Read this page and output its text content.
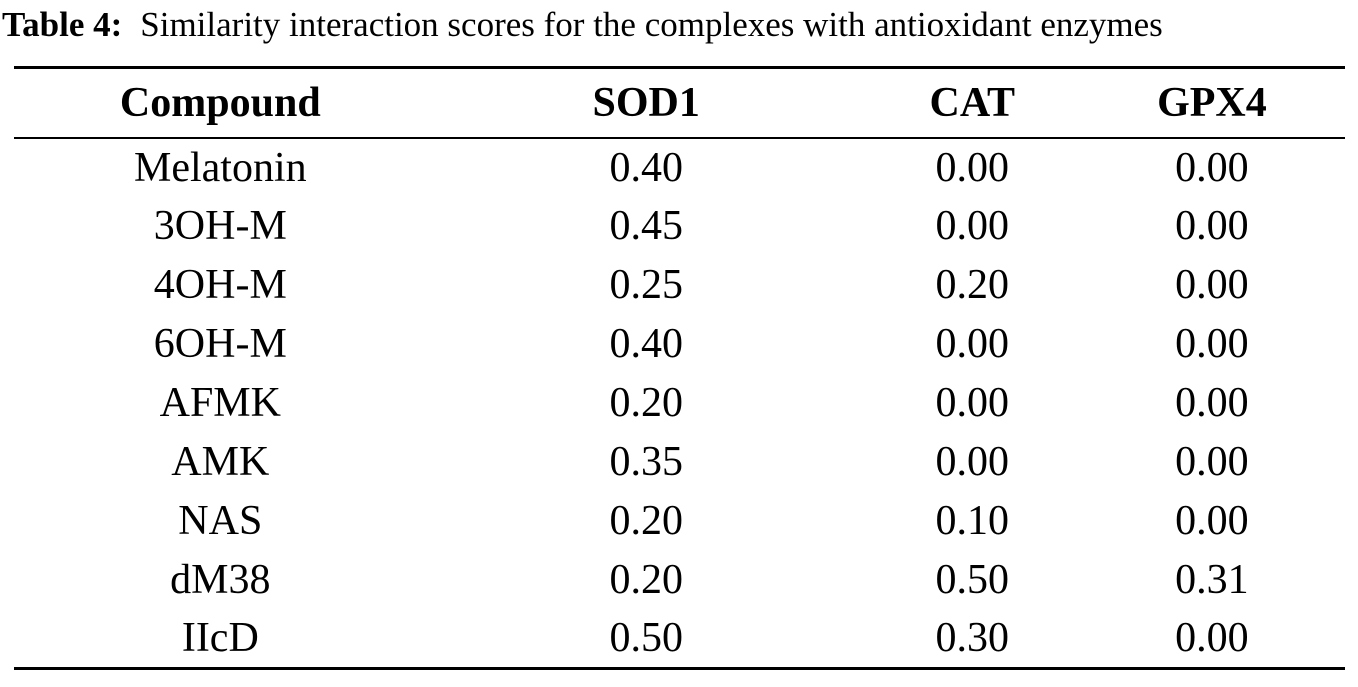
Table 4: Similarity interaction scores for the complexes with antioxidant enzymes

Compound	SOD1	CAT	GPX4
Melatonin	0.40	0.00	0.00
3OH-M	0.45	0.00	0.00
4OH-M	0.25	0.20	0.00
6OH-M	0.40	0.00	0.00
AFMK	0.20	0.00	0.00
AMK	0.35	0.00	0.00
NAS	0.20	0.10	0.00
dM38	0.20	0.50	0.31
IIcD	0.50	0.30	0.00
